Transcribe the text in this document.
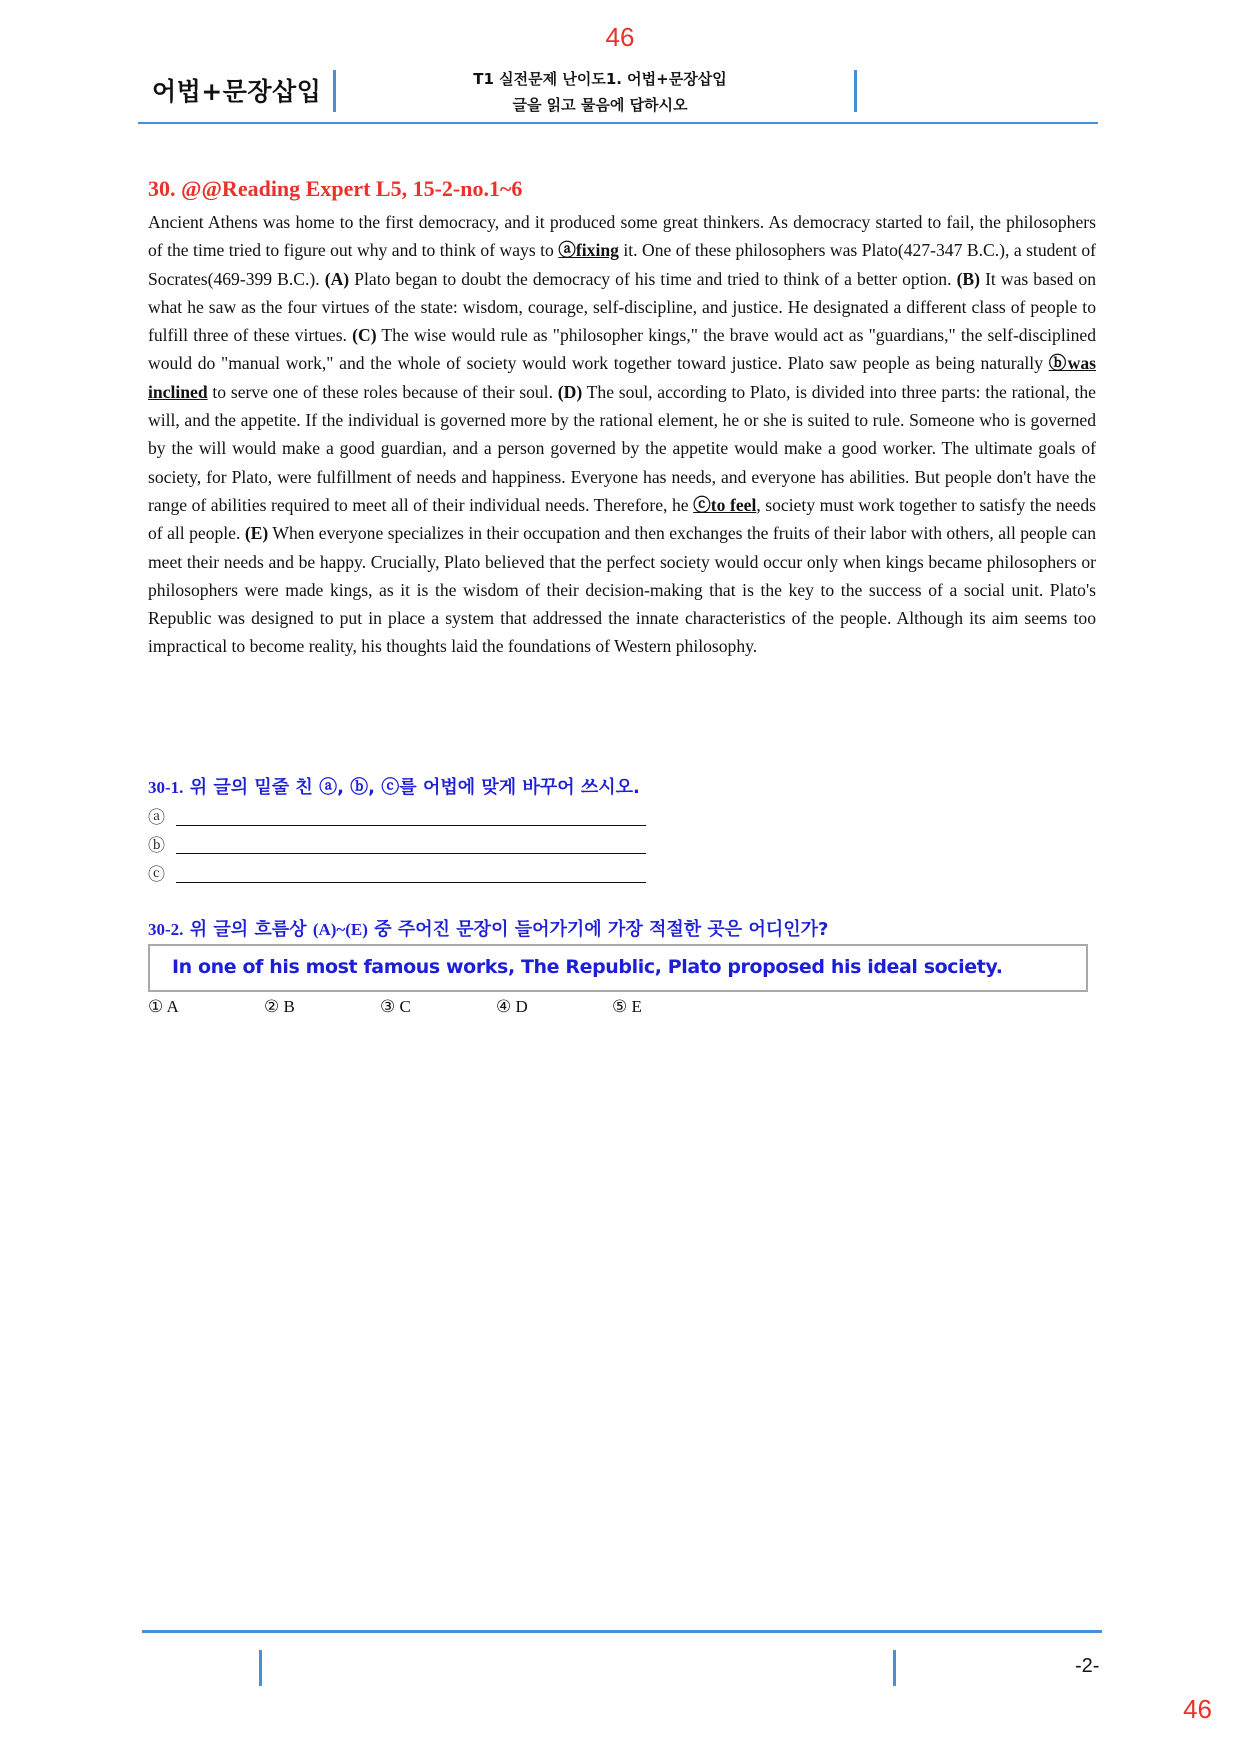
46
어법+문장삽입	T1 실전문제 난이도1. 어법+문장삽입
글을 읽고 물음에 답하시오
30. @@Reading Expert L5, 15-2-no.1~6
Ancient Athens was home to the first democracy, and it produced some great thinkers. As democracy started to fail, the philosophers of the time tried to figure out why and to think of ways to ⓐfixing it. One of these philosophers was Plato(427-347 B.C.), a student of Socrates(469-399 B.C.). (A) Plato began to doubt the democracy of his time and tried to think of a better option. (B) It was based on what he saw as the four virtues of the state: wisdom, courage, self-discipline, and justice. He designated a different class of people to fulfill three of these virtues. (C) The wise would rule as "philosopher kings," the brave would act as "guardians," the self-disciplined would do "manual work," and the whole of society would work together toward justice. Plato saw people as being naturally ⓑwas inclined to serve one of these roles because of their soul. (D) The soul, according to Plato, is divided into three parts: the rational, the will, and the appetite. If the individual is governed more by the rational element, he or she is suited to rule. Someone who is governed by the will would make a good guardian, and a person governed by the appetite would make a good worker. The ultimate goals of society, for Plato, were fulfillment of needs and happiness. Everyone has needs, and everyone has abilities. But people don't have the range of abilities required to meet all of their individual needs. Therefore, he ⓒto feel, society must work together to satisfy the needs of all people. (E) When everyone specializes in their occupation and then exchanges the fruits of their labor with others, all people can meet their needs and be happy. Crucially, Plato believed that the perfect society would occur only when kings became philosophers or philosophers were made kings, as it is the wisdom of their decision-making that is the key to the success of a social unit. Plato's Republic was designed to put in place a system that addressed the innate characteristics of the people. Although its aim seems too impractical to become reality, his thoughts laid the foundations of Western philosophy.
30-1. 위 글의 밑줄 친 ⓐ, ⓑ, ⓒ를 어법에 맞게 바꾸어 쓰시오.
ⓐ
ⓑ
ⓒ
30-2. 위 글의 흐름상 (A)~(E) 중 주어진 문장이 들어가기에 가장 적절한 곳은 어디인가?
In one of his most famous works, The Republic, Plato proposed his ideal society.
① A	② B	③ C	④ D	⑤ E
-2-
46
